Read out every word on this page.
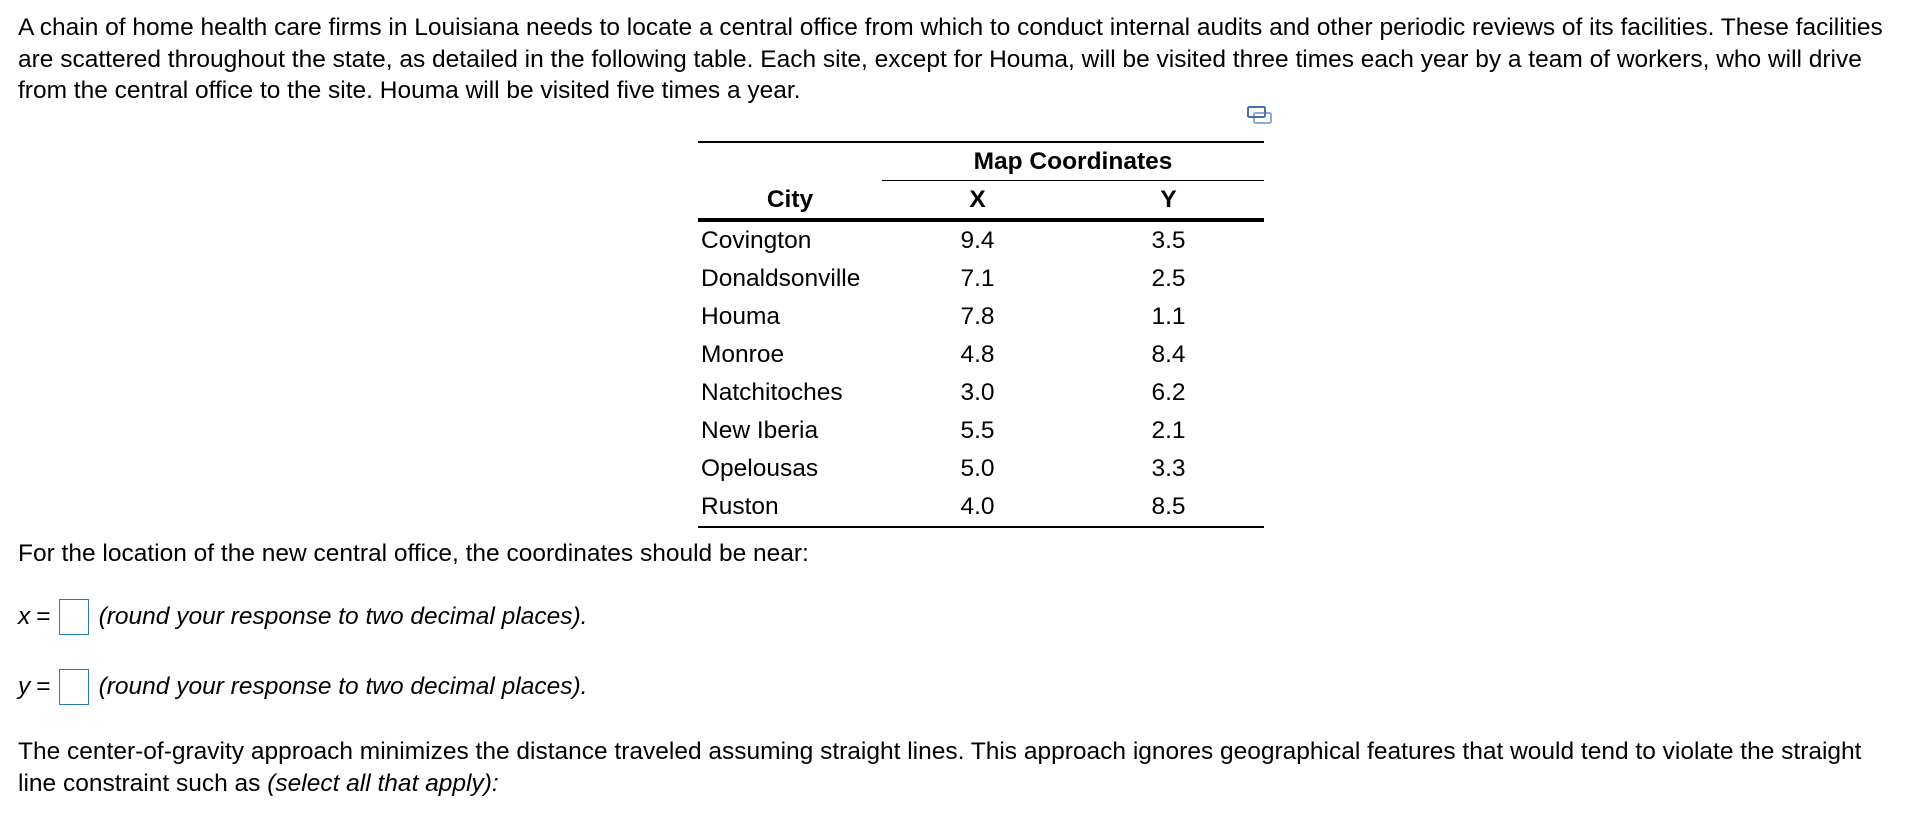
A chain of home health care firms in Louisiana needs to locate a central office from which to conduct internal audits and other periodic reviews of its facilities. These facilities are scattered throughout the state, as detailed in the following table. Each site, except for Houma, will be visited three times each year by a team of workers, who will drive from the central office to the site. Houma will be visited five times a year.

City	Map Coordinates	
	X	Y
Covington	9.4	3.5
Donaldsonville	7.1	2.5
Houma	7.8	1.1
Monroe	4.8	8.4
Natchitoches	3.0	6.2
New Iberia	5.5	2.1
Opelousas	5.0	3.3
Ruston	4.0	8.5

For the location of the new central office, the coordinates should be near:

x = (round your response to two decimal places).
y = (round your response to two decimal places).

The center-of-gravity approach minimizes the distance traveled assuming straight lines. This approach ignores geographical features that would tend to violate the straight line constraint such as (select all that apply):
